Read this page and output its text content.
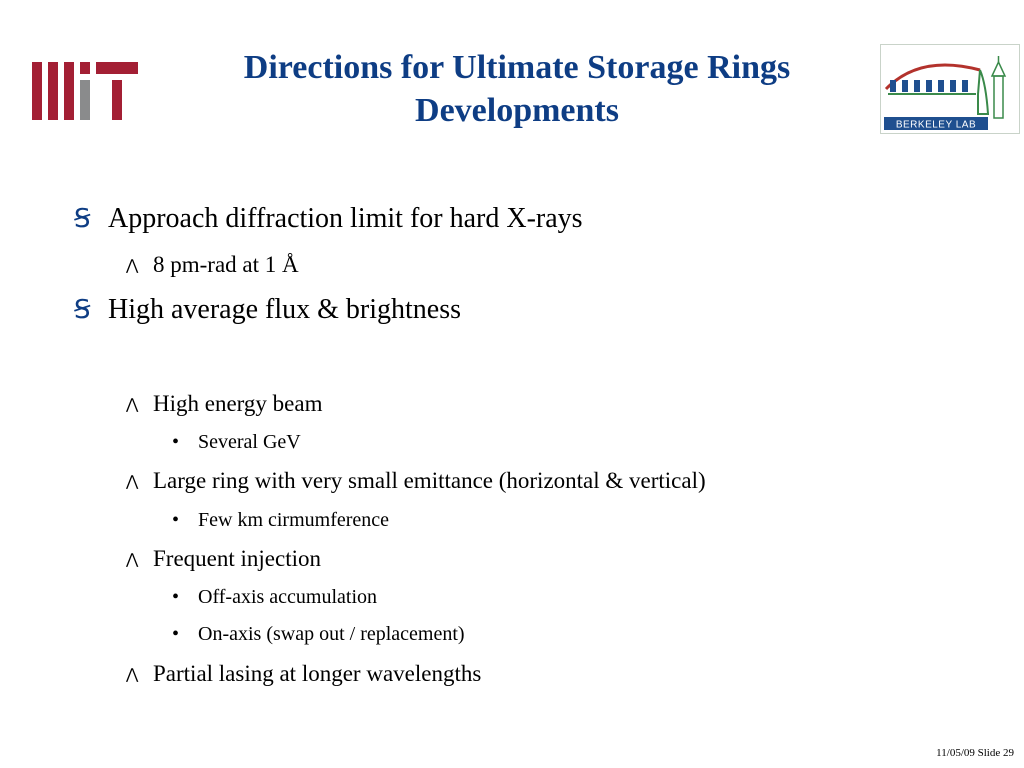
Directions for Ultimate Storage Rings
Developments	BERKELEY LAB
Ꞩ Approach diffraction limit for hard X-rays
⋀ 8 pm-rad at 1 Å
Ꞩ High average flux & brightness
⋀ High energy beam
• Several GeV
⋀ Large ring with very small emittance (horizontal & vertical)
• Few km cirmumference
⋀ Frequent injection
• Off-axis accumulation
• On-axis (swap out / replacement)
⋀ Partial lasing at longer wavelengths
11/05/09 Slide 29
